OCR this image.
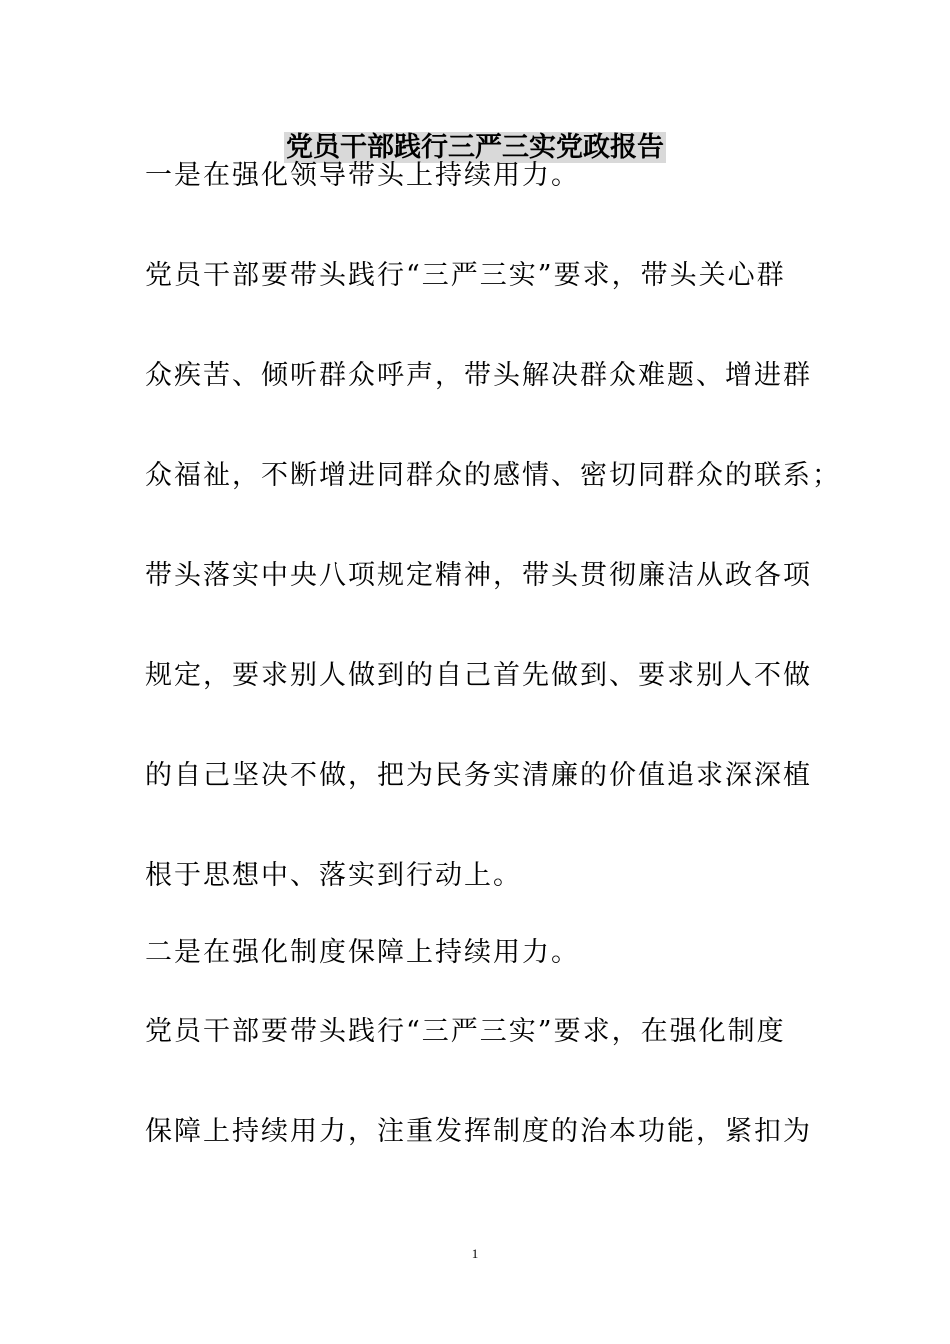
党员干部践行三严三实党政报告
一是在强化领导带头上持续用力。
党员干部要带头践行“三严三实”要求，带头关心群
众疾苦、倾听群众呼声，带头解决群众难题、增进群
众福祉，不断增进同群众的感情、密切同群众的联系；
带头落实中央八项规定精神，带头贯彻廉洁从政各项
规定，要求别人做到的自己首先做到、要求别人不做
的自己坚决不做，把为民务实清廉的价值追求深深植
根于思想中、落实到行动上。
二是在强化制度保障上持续用力。
党员干部要带头践行“三严三实”要求，在强化制度
保障上持续用力，注重发挥制度的治本功能，紧扣为
1
